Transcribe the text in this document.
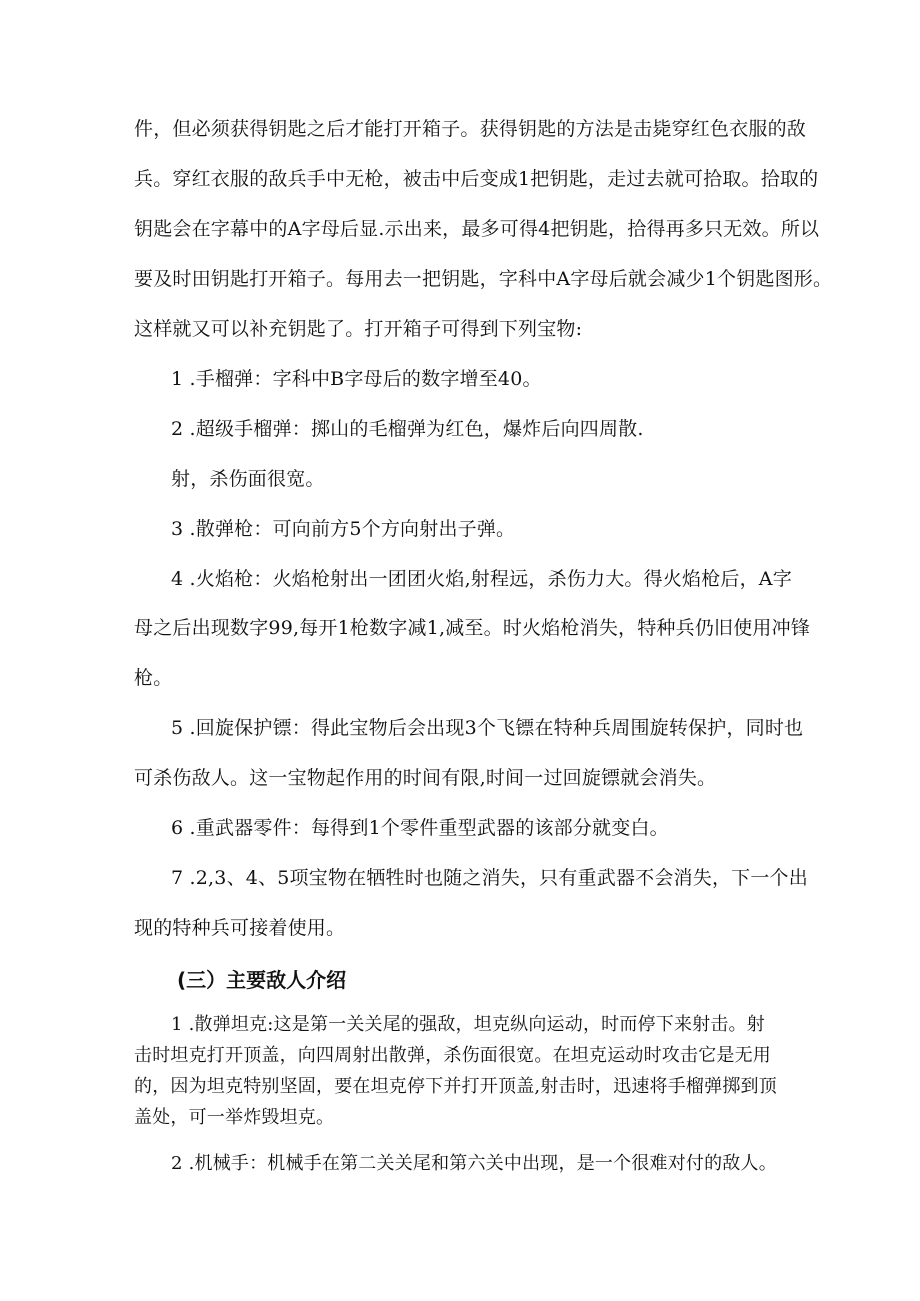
件，但必须获得钥匙之后才能打开箱子。获得钥匙的方法是击毙穿红色衣服的敌
兵。穿红衣服的敌兵手中无枪，被击中后变成1把钥匙，走过去就可拾取。拾取的
钥匙会在字幕中的A字母后显.示出来，最多可得4把钥匙，拾得再多只无效。所以
要及时田钥匙打开箱子。每用去一把钥匙，字科中A字母后就会减少1个钥匙图形。
这样就又可以补充钥匙了。打开箱子可得到下列宝物:
1 .手榴弹：字科中B字母后的数字增至40。
2 .超级手榴弹：掷山的毛榴弹为红色，爆炸后向四周散.
射，杀伤面很宽。
3 .散弹枪：可向前方5个方向射出子弹。
4 .火焰枪：火焰枪射出一团团火焰,射程远，杀伤力大。得火焰枪后，A字
母之后出现数字99,每开1枪数字减1,减至。时火焰枪消失，特种兵仍旧使用冲锋
枪。
5 .回旋保护镖：得此宝物后会出现3个飞镖在特种兵周围旋转保护，同时也
可杀伤敌人。这一宝物起作用的时间有限,时间一过回旋镖就会消失。
6 .重武器零件：每得到1个零件重型武器的该部分就变白。
7 .2,3、4、5项宝物在牺牲时也随之消失，只有重武器不会消失，下一个出
现的特种兵可接着使用。
(三）主要敌人介绍
1 .散弹坦克:这是第一关关尾的强敌，坦克纵向运动，时而停下来射击。射
击时坦克打开顶盖，向四周射出散弹，杀伤面很宽。在坦克运动时攻击它是无用
的，因为坦克特别坚固，要在坦克停下并打开顶盖,射击时，迅速将手榴弹掷到顶
盖处，可一举炸毁坦克。
2 .机械手：机械手在第二关关尾和第六关中出现，是一个很难对付的敌人。
